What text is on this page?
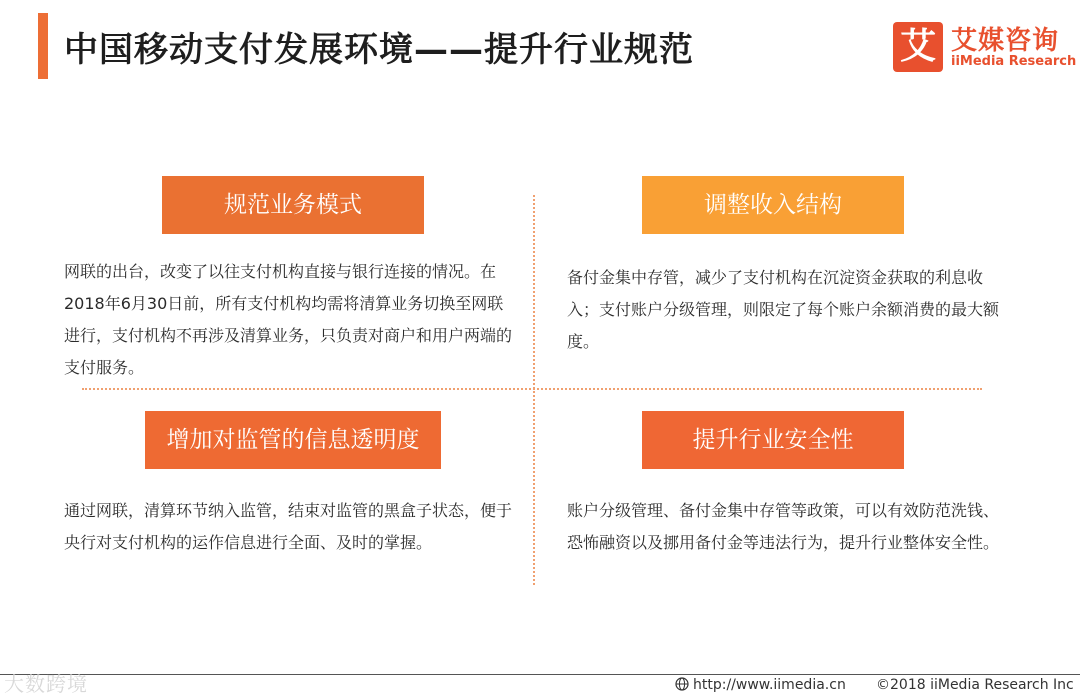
中国移动支付发展环境——提升行业规范	艾 艾媒咨询
iiMedia Research
规范业务模式
网联的出台，改变了以往支付机构直接与银行连接的情况。在2018年6月30日前，所有支付机构均需将清算业务切换至网联进行，支付机构不再涉及清算业务，只负责对商户和用户两端的支付服务。
调整收入结构
备付金集中存管，减少了支付机构在沉淀资金获取的利息收入；支付账户分级管理，则限定了每个账户余额消费的最大额度。
增加对监管的信息透明度
通过网联，清算环节纳入监管，结束对监管的黑盒子状态，便于央行对支付机构的运作信息进行全面、及时的掌握。
提升行业安全性
账户分级管理、备付金集中存管等政策，可以有效防范洗钱、恐怖融资以及挪用备付金等违法行为，提升行业整体安全性。
大数跨境	http://www.iimedia.cn ©2018 iiMedia Research Inc
